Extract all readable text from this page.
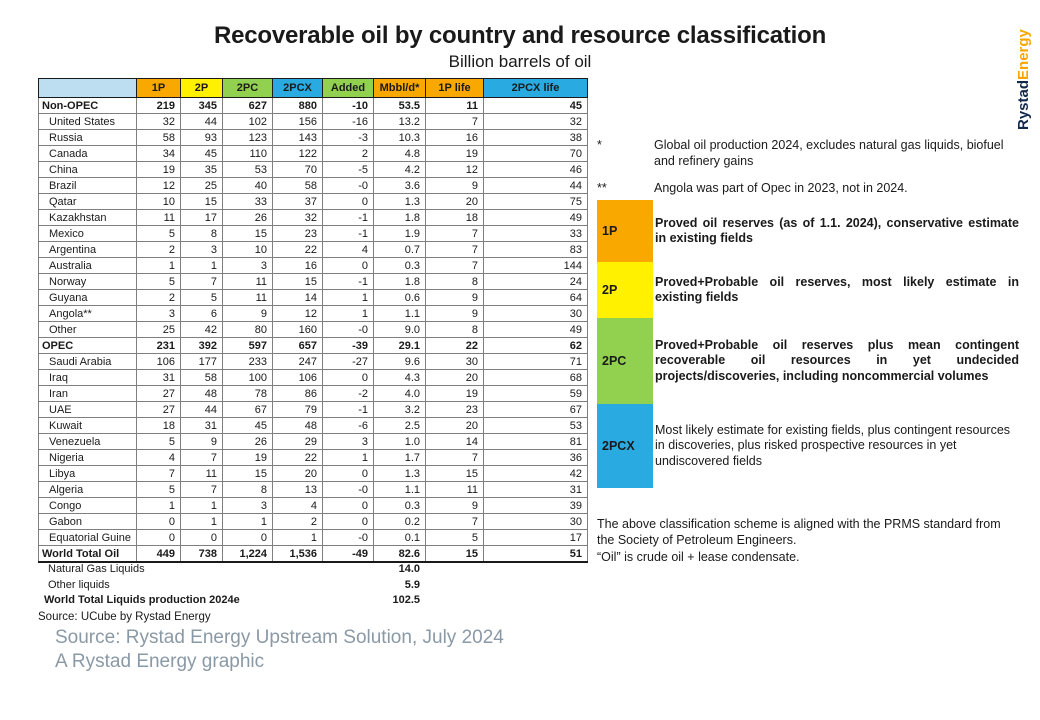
Recoverable oil by country and resource classification
Billion barrels of oil
RystadEnergy
	1P	2P	2PC	2PCX	Added	Mbbl/d*	1P life	2PCX life
Non-OPEC	219	345	627	880	-10	53.5	11	45
United States	32	44	102	156	-16	13.2	7	32
Russia	58	93	123	143	-3	10.3	16	38
Canada	34	45	110	122	2	4.8	19	70
China	19	35	53	70	-5	4.2	12	46
Brazil	12	25	40	58	-0	3.6	9	44
Qatar	10	15	33	37	0	1.3	20	75
Kazakhstan	11	17	26	32	-1	1.8	18	49
Mexico	5	8	15	23	-1	1.9	7	33
Argentina	2	3	10	22	4	0.7	7	83
Australia	1	1	3	16	0	0.3	7	144
Norway	5	7	11	15	-1	1.8	8	24
Guyana	2	5	11	14	1	0.6	9	64
Angola**	3	6	9	12	1	1.1	9	30
Other	25	42	80	160	-0	9.0	8	49
OPEC	231	392	597	657	-39	29.1	22	62
Saudi Arabia	106	177	233	247	-27	9.6	30	71
Iraq	31	58	100	106	0	4.3	20	68
Iran	27	48	78	86	-2	4.0	19	59
UAE	27	44	67	79	-1	3.2	23	67
Kuwait	18	31	45	48	-6	2.5	20	53
Venezuela	5	9	26	29	3	1.0	14	81
Nigeria	4	7	19	22	1	1.7	7	36
Libya	7	11	15	20	0	1.3	15	42
Algeria	5	7	8	13	-0	1.1	11	31
Congo	1	1	3	4	0	0.3	9	39
Gabon	0	1	1	2	0	0.2	7	30
Equatorial Guine	0	0	0	1	-0	0.1	5	17
World Total Oil	449	738	1,224	1,536	-49	82.6	15	51
Natural Gas Liquids	14.0
Other liquids	5.9
World Total Liquids production 2024e	102.5
Source: UCube by Rystad Energy
*	Global oil production 2024, excludes natural gas liquids, biofuel and refinery gains
**	Angola was part of Opec in 2023, not in 2024.
1P
Proved oil reserves (as of 1.1. 2024), conservative estimate in existing fields
2P
Proved+Probable oil reserves, most likely estimate in existing fields
2PC
Proved+Probable oil reserves plus mean contingent recoverable oil resources in yet undecided projects/discoveries, including noncommercial volumes
2PCX
Most likely estimate for existing fields, plus contingent resources in discoveries, plus risked prospective resources in yet undiscovered fields
The above classification scheme is aligned with the PRMS standard from the Society of Petroleum Engineers.
“Oil” is crude oil + lease condensate.
Source: Rystad Energy Upstream Solution, July 2024
A Rystad Energy graphic
